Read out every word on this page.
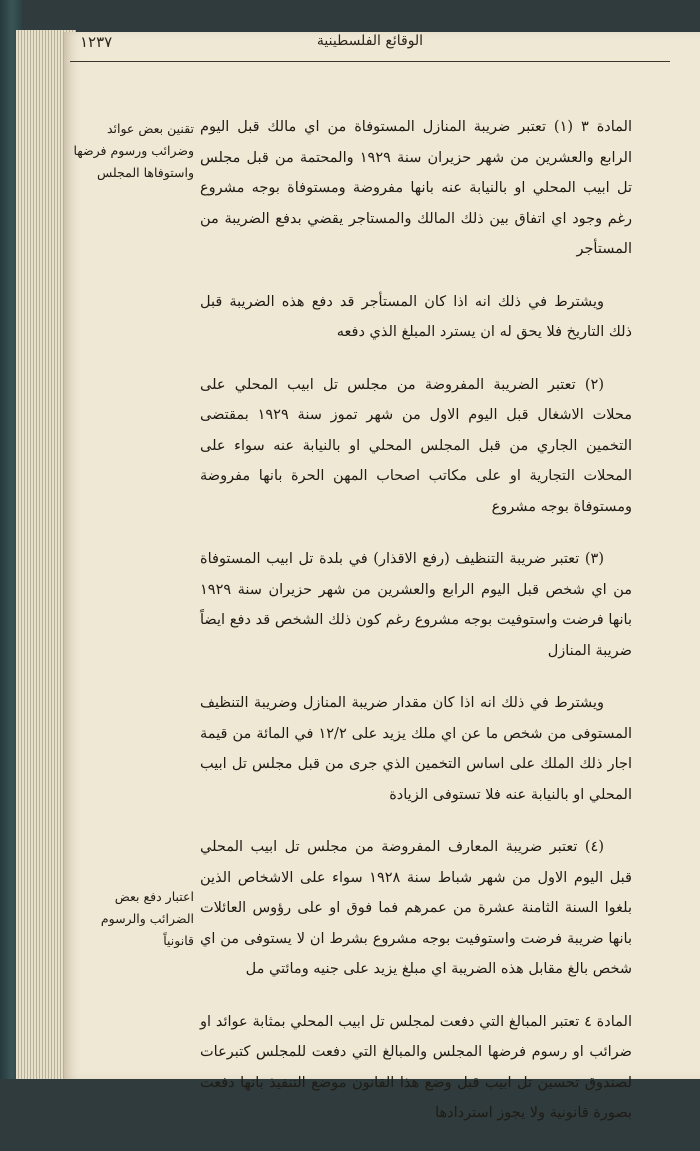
١٢٣٧	الوقائع الفلسطينية
تقنين بعض عوائد وضرائب ورسوم فرضها واستوفاها المجلس
اعتبار دفع بعض الضرائب والرسوم قانونياً

المادة ٣ (١) تعتبر ضريبة المنازل المستوفاة من اي مالك قبل اليوم الرابع والعشرين من شهر حزيران سنة ١٩٢٩ والمحتمة من قبل مجلس تل ابيب المحلي او بالنيابة عنه بانها مفروضة ومستوفاة بوجه مشروع رغم وجود اي اتفاق بين ذلك المالك والمستاجر يقضي بدفع الضريبة من المستأجر

ويشترط في ذلك انه اذا كان المستأجر قد دفع هذه الضريبة قبل ذلك التاريخ فلا يحق له ان يسترد المبلغ الذي دفعه

(٢) تعتبر الضريبة المفروضة من مجلس تل ابيب المحلي على محلات الاشغال قبل اليوم الاول من شهر تموز سنة ١٩٢٩ بمقتضى التخمين الجاري من قبل المجلس المحلي او بالنيابة عنه سواء على المحلات التجارية او على مكاتب اصحاب المهن الحرة بانها مفروضة ومستوفاة بوجه مشروع

(٣) تعتبر ضريبة التنظيف (رفع الاقذار) في بلدة تل ابيب المستوفاة من اي شخص قبل اليوم الرابع والعشرين من شهر حزيران سنة ١٩٢٩ بانها فرضت واستوفيت بوجه مشروع رغم كون ذلك الشخص قد دفع ايضاً ضريبة المنازل

ويشترط في ذلك انه اذا كان مقدار ضريبة المنازل وضريبة التنظيف المستوفى من شخص ما عن اي ملك يزيد على ١٢/٢ في المائة من قيمة اجار ذلك الملك على اساس التخمين الذي جرى من قبل مجلس تل ابيب المحلي او بالنيابة عنه فلا تستوفى الزيادة

(٤) تعتبر ضريبة المعارف المفروضة من مجلس تل ابيب المحلي قبل اليوم الاول من شهر شباط سنة ١٩٢٨ سواء على الاشخاص الذين بلغوا السنة الثامنة عشرة من عمرهم فما فوق او على رؤوس العائلات بانها ضريبة فرضت واستوفيت بوجه مشروع بشرط ان لا يستوفى من اي شخص بالغ مقابل هذه الضريبة اي مبلغ يزيد على جنيه ومائتي مل

المادة ٤ تعتبر المبالغ التي دفعت لمجلس تل ابيب المحلي بمثابة عوائد او ضرائب او رسوم فرضها المجلس والمبالغ التي دفعت للمجلس كتبرعات لصندوق تحسين تل ابيب قبل وضع هذا القانون موضع التنفيذ بانها دفعت بصورة قانونية ولا يجوز استردادها
